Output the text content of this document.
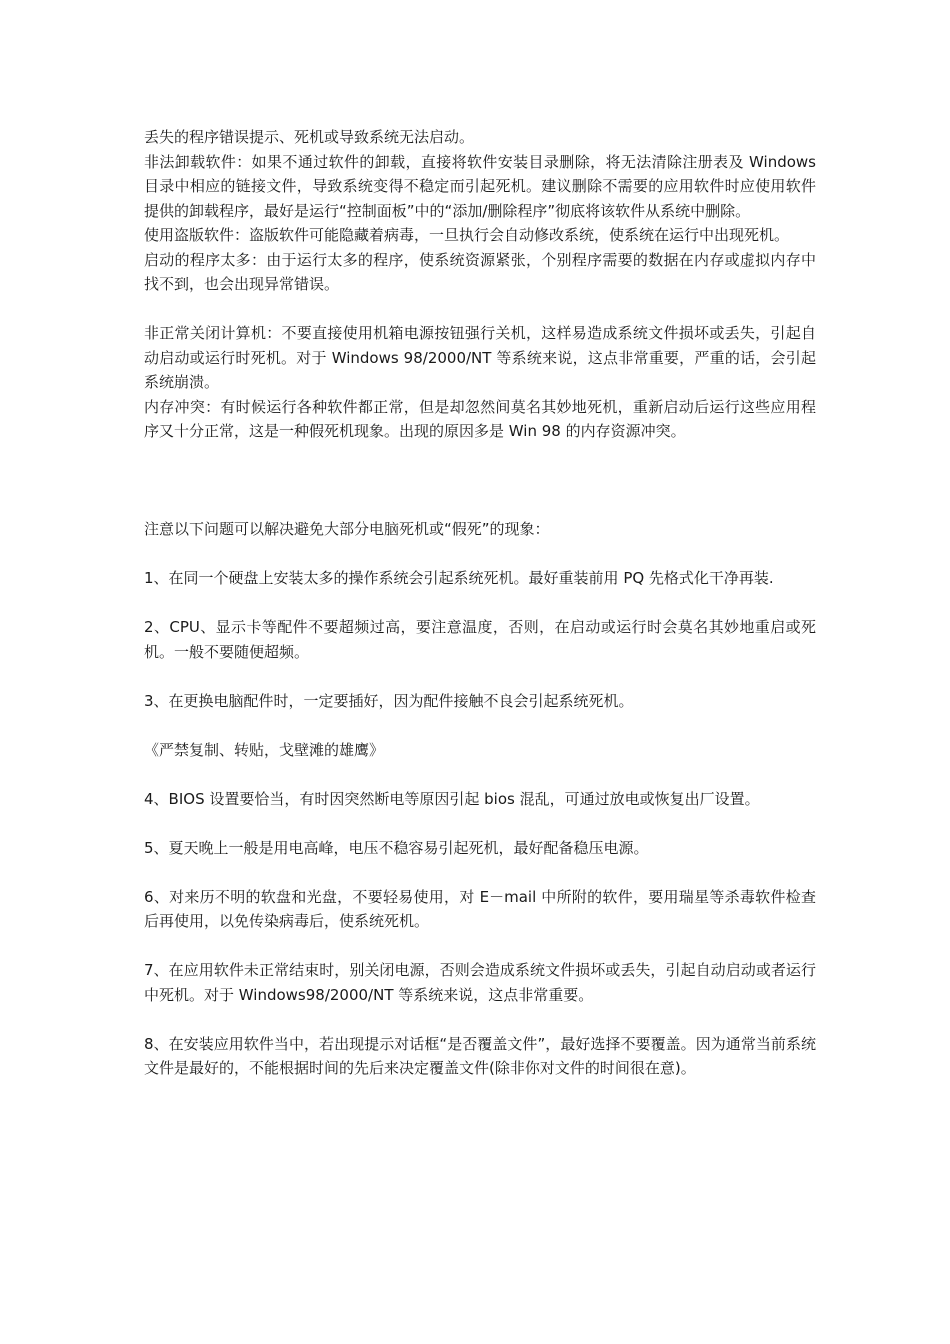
丢失的程序错误提示、死机或导致系统无法启动。

非法卸载软件：如果不通过软件的卸载，直接将软件安装目录删除，将无法清除注册表及 Windows 目录中相应的链接文件，导致系统变得不稳定而引起死机。建议删除不需要的应用软件时应使用软件提供的卸载程序，最好是运行“控制面板”中的“添加/删除程序”彻底将该软件从系统中删除。

使用盗版软件：盗版软件可能隐藏着病毒，一旦执行会自动修改系统，使系统在运行中出现死机。

启动的程序太多：由于运行太多的程序，使系统资源紧张，个别程序需要的数据在内存或虚拟内存中找不到，也会出现异常错误。

非正常关闭计算机：不要直接使用机箱电源按钮强行关机，这样易造成系统文件损坏或丢失，引起自动启动或运行时死机。对于 Windows 98/2000/NT 等系统来说，这点非常重要，严重的话，会引起系统崩溃。

内存冲突：有时候运行各种软件都正常，但是却忽然间莫名其妙地死机，重新启动后运行这些应用程序又十分正常，这是一种假死机现象。出现的原因多是 Win 98 的内存资源冲突。

注意以下问题可以解决避免大部分电脑死机或“假死”的现象：

1、在同一个硬盘上安装太多的操作系统会引起系统死机。最好重装前用 PQ 先格式化干净再装.

2、CPU、显示卡等配件不要超频过高，要注意温度，否则，在启动或运行时会莫名其妙地重启或死机。一般不要随便超频。

3、在更换电脑配件时，一定要插好，因为配件接触不良会引起系统死机。

《严禁复制、转贴，戈壁滩的雄鹰》

4、BIOS 设置要恰当，有时因突然断电等原因引起 bios 混乱，可通过放电或恢复出厂设置。

5、夏天晚上一般是用电高峰，电压不稳容易引起死机，最好配备稳压电源。

6、对来历不明的软盘和光盘，不要轻易使用，对 E－mail 中所附的软件，要用瑞星等杀毒软件检查后再使用，以免传染病毒后，使系统死机。

7、在应用软件未正常结束时，别关闭电源，否则会造成系统文件损坏或丢失，引起自动启动或者运行中死机。对于 Windows98/2000/NT 等系统来说，这点非常重要。

8、在安装应用软件当中，若出现提示对话框“是否覆盖文件”，最好选择不要覆盖。因为通常当前系统文件是最好的，不能根据时间的先后来决定覆盖文件(除非你对文件的时间很在意)。
